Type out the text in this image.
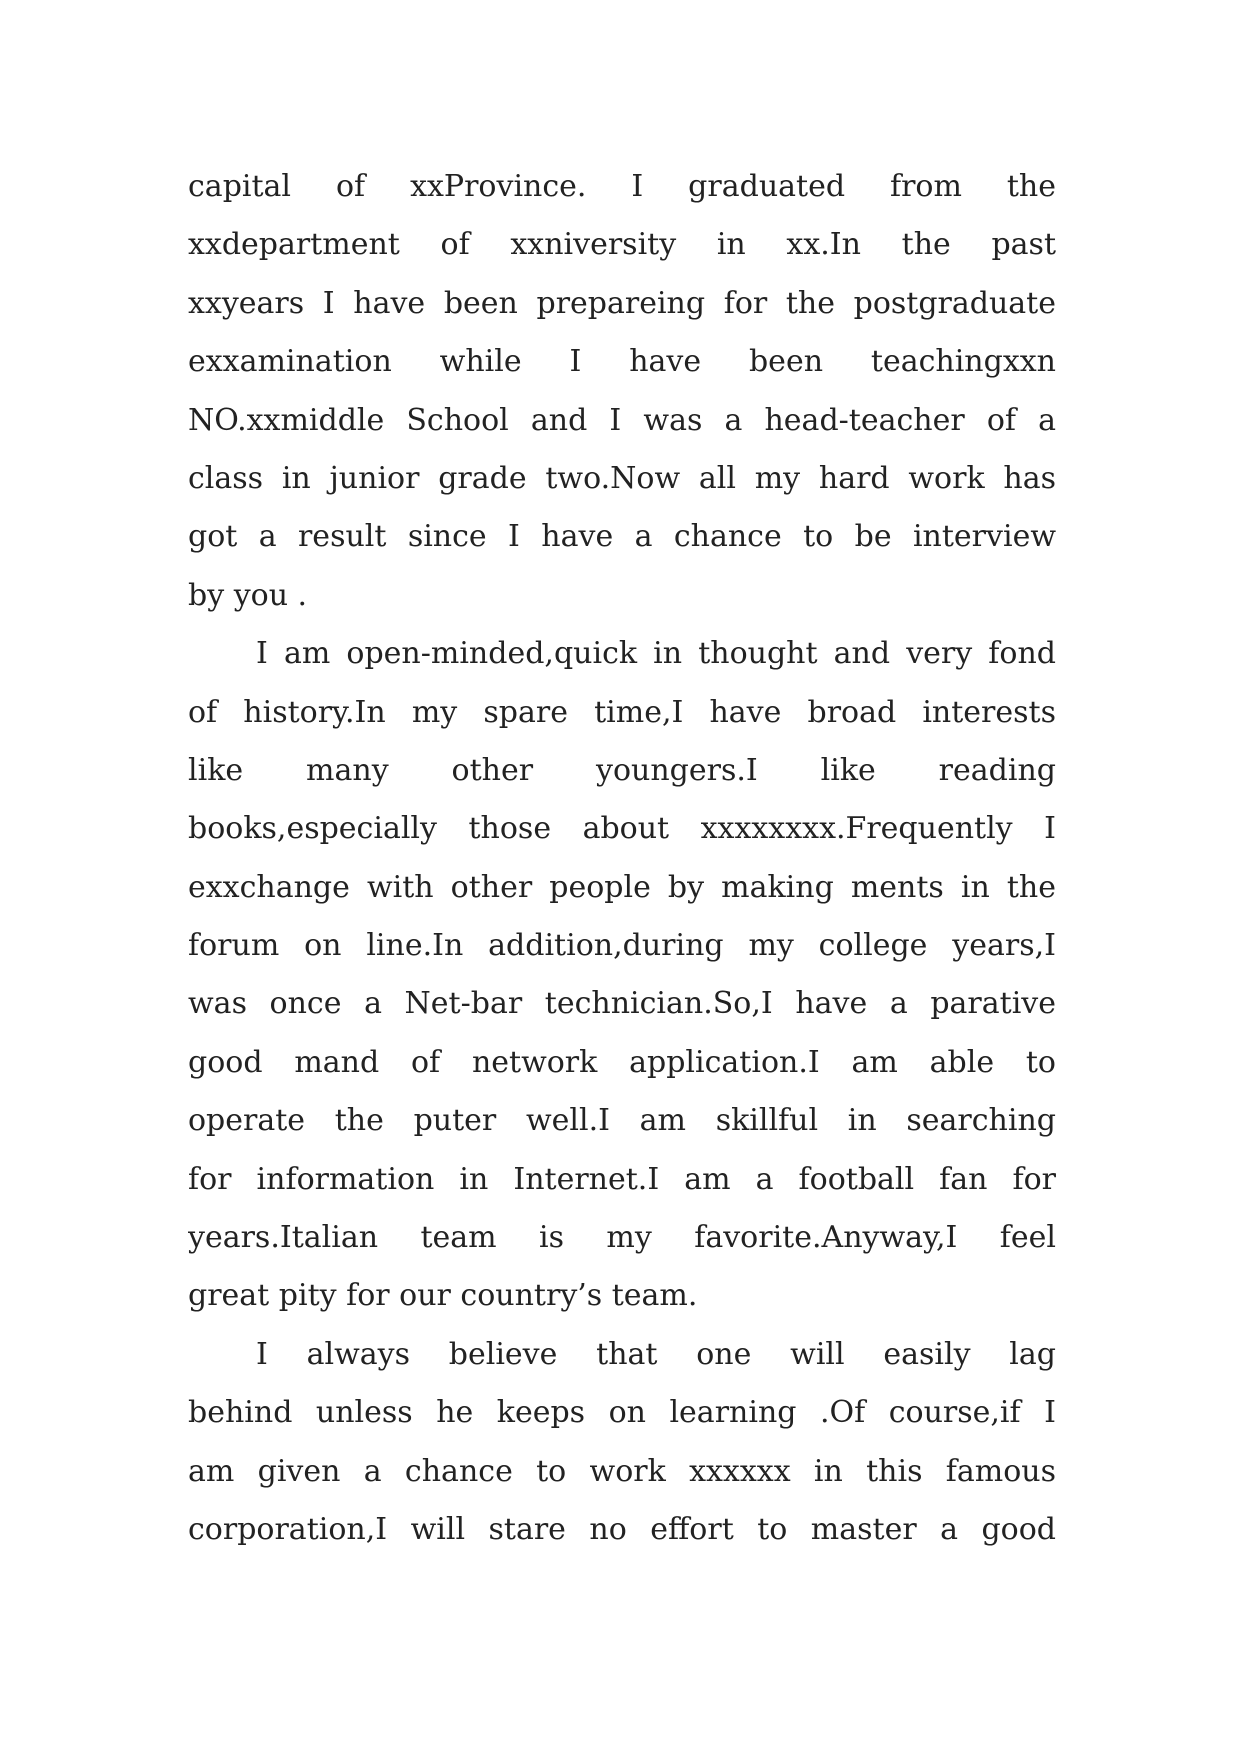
capital of xxProvince. I graduated from the
xxdepartment of xxniversity in xx.In the past
xxyears I have been prepareing for the postgraduate
exxamination while I have been teachingxxn
NO.xxmiddle School and I was a head-teacher of a
class in junior grade two.Now all my hard work has
got a result since I have a chance to be interview
by you .
I am open-minded,quick in thought and very fond
of history.In my spare time,I have broad interests
like many other youngers.I like reading
books,especially those about xxxxxxxx.Frequently I
exxchange with other people by making ments in the
forum on line.In addition,during my college years,I
was once a Net-bar technician.So,I have a parative
good mand of network application.I am able to
operate the puter well.I am skillful in searching
for information in Internet.I am a football fan for
years.Italian team is my favorite.Anyway,I feel
great pity for our country’s team.
I always believe that one will easily lag
behind unless he keeps on learning .Of course,if I
am given a chance to work xxxxxx in this famous
corporation,I will stare no effort to master a good
